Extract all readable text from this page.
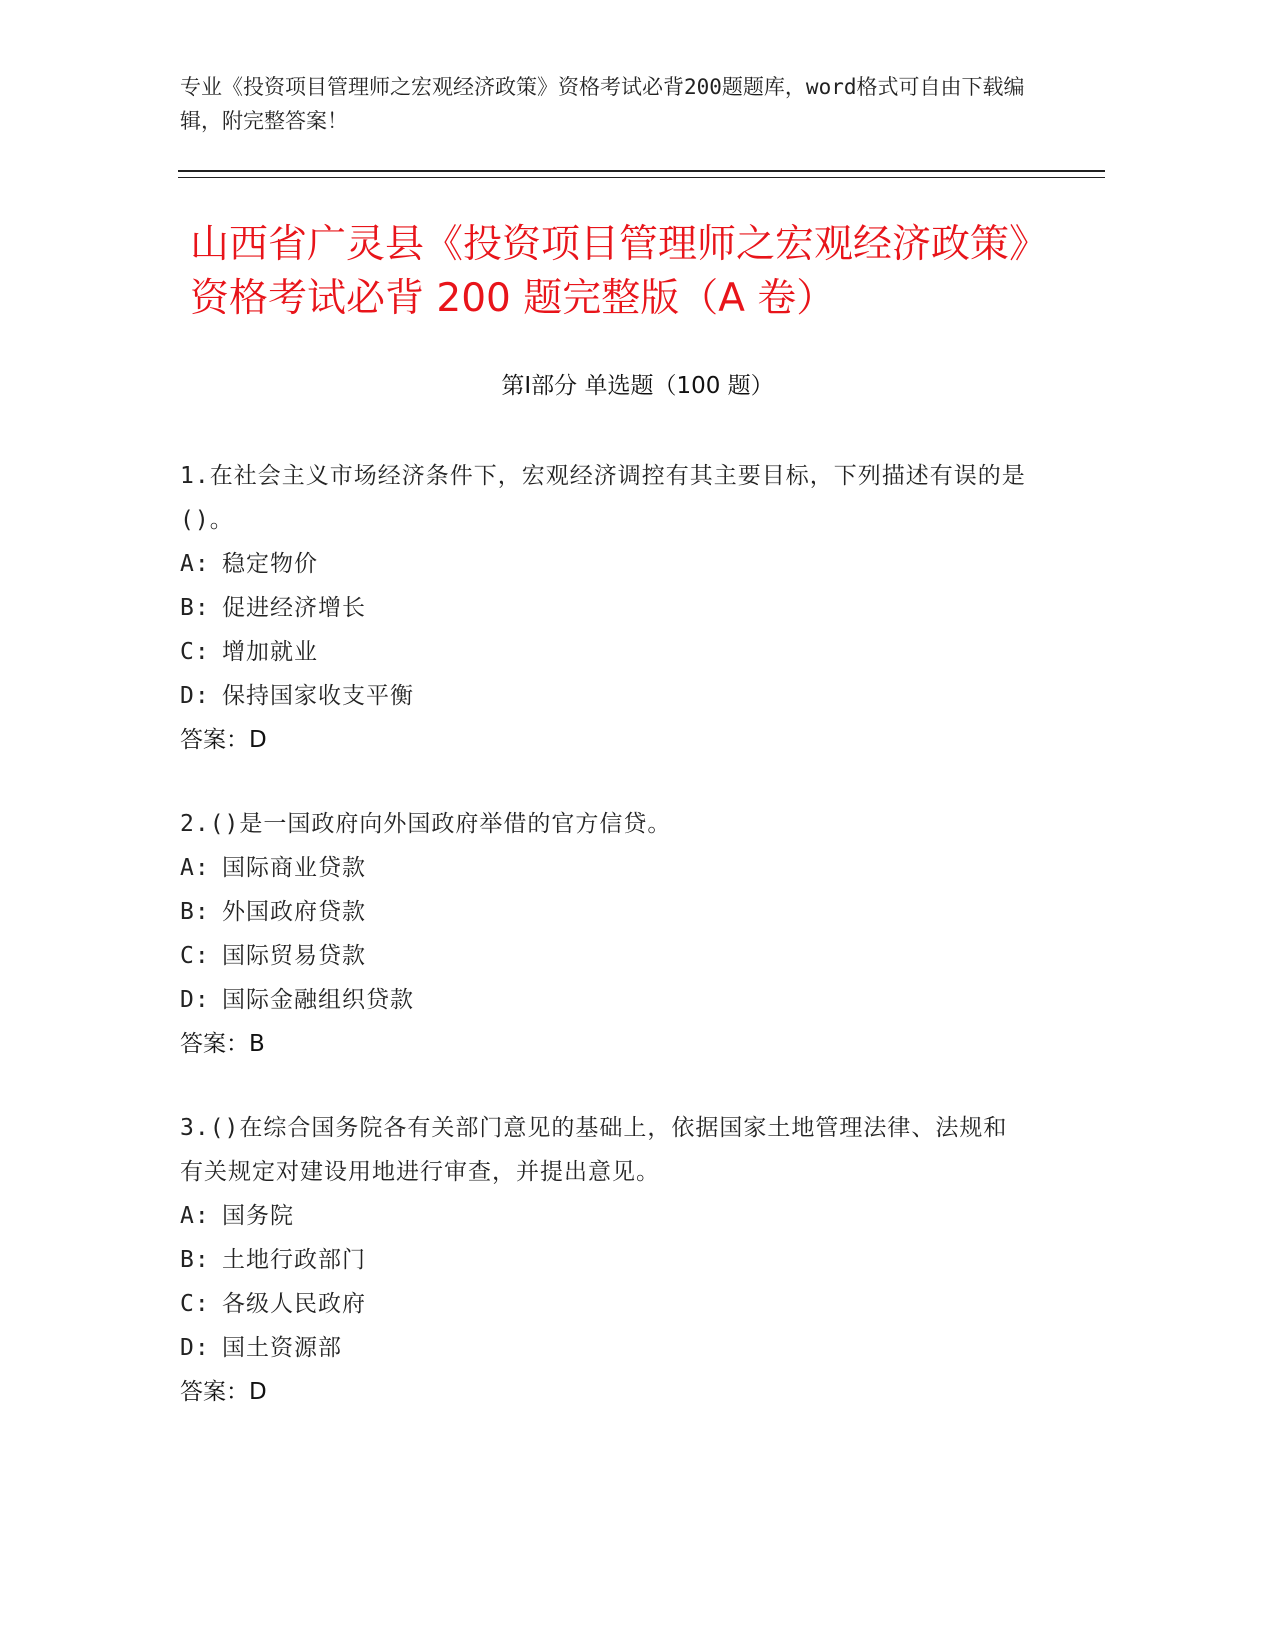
专业《投资项目管理师之宏观经济政策》资格考试必背200题题库，word格式可自由下载编辑，附完整答案！
山西省广灵县《投资项目管理师之宏观经济政策》资格考试必背 200 题完整版（A 卷）
第Ⅰ部分 单选题（100 题）
1.在社会主义市场经济条件下，宏观经济调控有其主要目标，下列描述有误的是()。
A: 稳定物价
B: 促进经济增长
C: 增加就业
D: 保持国家收支平衡
答案：D
2.()是一国政府向外国政府举借的官方信贷。
A: 国际商业贷款
B: 外国政府贷款
C: 国际贸易贷款
D: 国际金融组织贷款
答案：B
3.()在综合国务院各有关部门意见的基础上，依据国家土地管理法律、法规和有关规定对建设用地进行审查，并提出意见。
A: 国务院
B: 土地行政部门
C: 各级人民政府
D: 国土资源部
答案：D
